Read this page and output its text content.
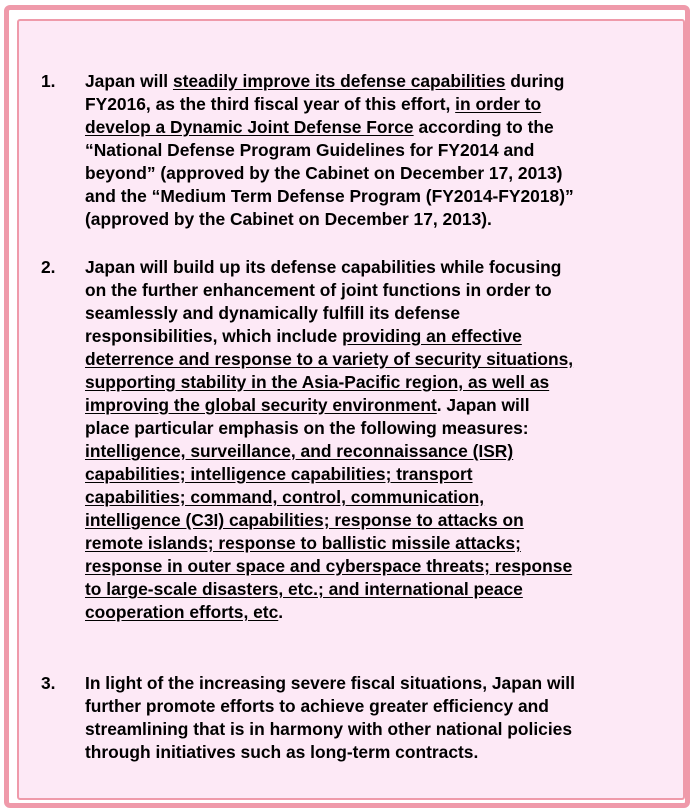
1. Japan will steadily improve its defense capabilities during
FY2016, as the third fiscal year of this effort, in order to
develop a Dynamic Joint Defense Force according to the
“National Defense Program Guidelines for FY2014 and
beyond” (approved by the Cabinet on December 17, 2013)
and the “Medium Term Defense Program (FY2014-FY2018)”
(approved by the Cabinet on December 17, 2013).
2. Japan will build up its defense capabilities while focusing
on the further enhancement of joint functions in order to
seamlessly and dynamically fulfill its defense
responsibilities, which include providing an effective
deterrence and response to a variety of security situations,
supporting stability in the Asia-Pacific region, as well as
improving the global security environment. Japan will
place particular emphasis on the following measures:
intelligence, surveillance, and reconnaissance (ISR)
capabilities; intelligence capabilities; transport
capabilities; command, control, communication,
intelligence (C3I) capabilities; response to attacks on
remote islands; response to ballistic missile attacks;
response in outer space and cyberspace threats; response
to large-scale disasters, etc.; and international peace
cooperation efforts, etc.
3. In light of the increasing severe fiscal situations, Japan will
further promote efforts to achieve greater efficiency and
streamlining that is in harmony with other national policies
through initiatives such as long-term contracts.
